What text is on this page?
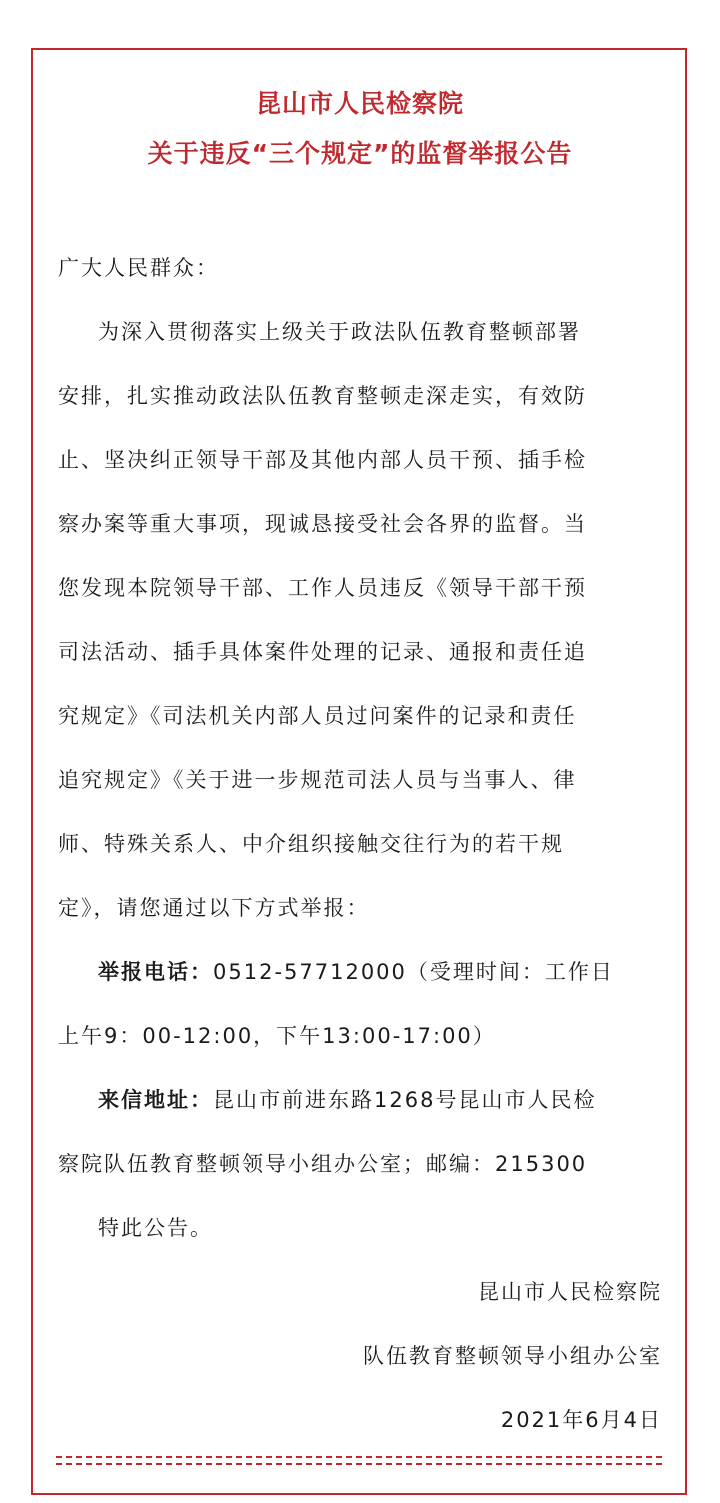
昆山市人民检察院
关于违反“三个规定”的监督举报公告
广大人民群众：
为深入贯彻落实上级关于政法队伍教育整顿部署
安排，扎实推动政法队伍教育整顿走深走实，有效防
止、坚决纠正领导干部及其他内部人员干预、插手检
察办案等重大事项，现诚恳接受社会各界的监督。当
您发现本院领导干部、工作人员违反《领导干部干预
司法活动、插手具体案件处理的记录、通报和责任追
究规定》《司法机关内部人员过问案件的记录和责任
追究规定》《关于进一步规范司法人员与当事人、律
师、特殊关系人、中介组织接触交往行为的若干规
定》，请您通过以下方式举报：
举报电话：0512-57712000（受理时间：工作日
上午9：00-12:00，下午13:00-17:00）
来信地址：昆山市前进东路1268号昆山市人民检
察院队伍教育整顿领导小组办公室；邮编：215300
特此公告。
昆山市人民检察院
队伍教育整顿领导小组办公室
2021年6月4日
